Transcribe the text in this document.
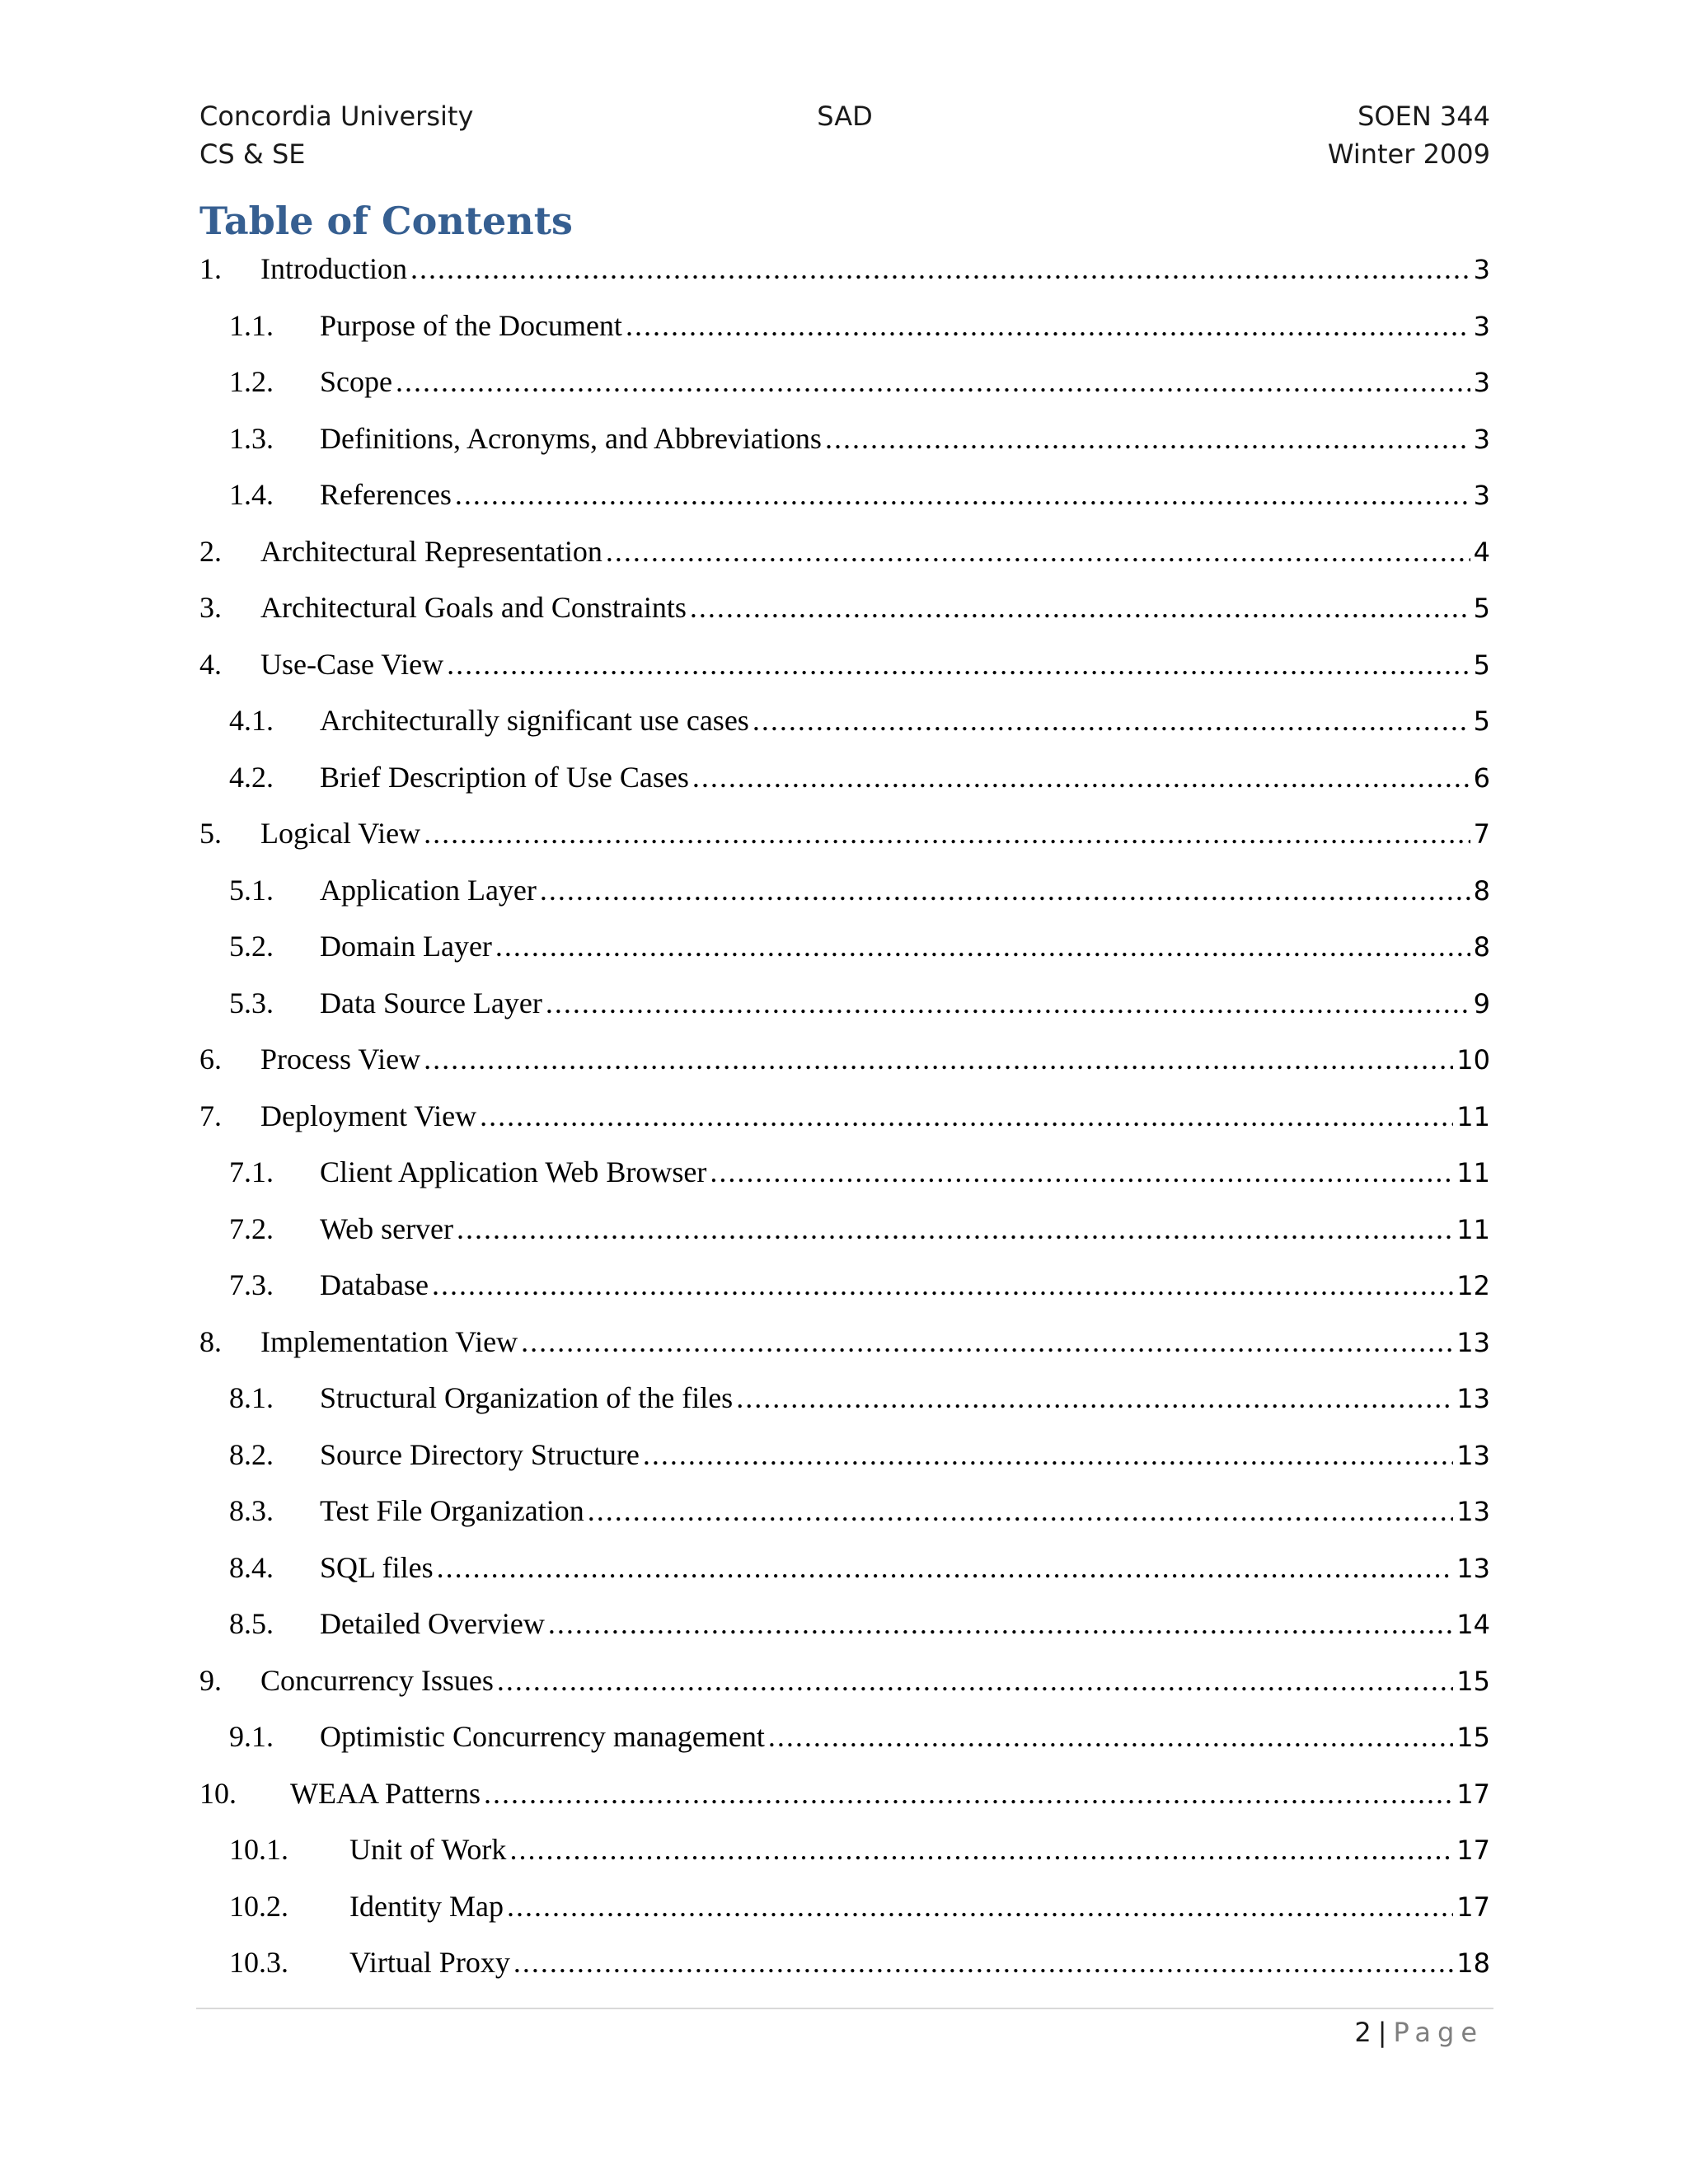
Concordia University
CS & SE
SAD	SOEN 344
Winter 2009
Table of Contents
1.	Introduction .....	3
1.1.	Purpose of the Document .....	3
1.2.	Scope .....	3
1.3.	Definitions, Acronyms, and Abbreviations .....	3
1.4.	References .....	3
2.	Architectural Representation .....	4
3.	Architectural Goals and Constraints .....	5
4.	Use-Case View .....	5
4.1.	Architecturally significant use cases .....	5
4.2.	Brief Description of Use Cases .....	6
5.	Logical View .....	7
5.1.	Application Layer .....	8
5.2.	Domain Layer .....	8
5.3.	Data Source Layer .....	9
6.	Process View .....	10
7.	Deployment View .....	11
7.1.	Client Application Web Browser .....	11
7.2.	Web server .....	11
7.3.	Database .....	12
8.	Implementation View .....	13
8.1.	Structural Organization of the files .....	13
8.2.	Source Directory Structure .....	13
8.3.	Test File Organization .....	13
8.4.	SQL files .....	13
8.5.	Detailed Overview .....	14
9.	Concurrency Issues .....	15
9.1.	Optimistic Concurrency management .....	15
10.	WEAA Patterns .....	17
10.1.	Unit of Work .....	17
10.2.	Identity Map .....	17
10.3.	Virtual Proxy .....	18
2 | Page
